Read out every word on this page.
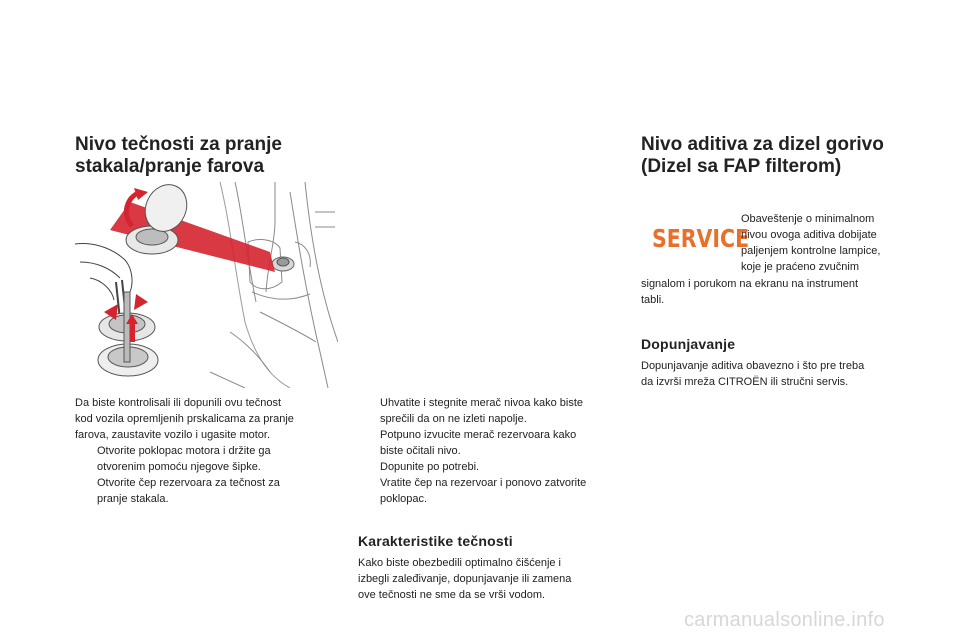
Nivo tečnosti za pranje
stakala/pranje farova
Da biste kontrolisali ili dopunili ovu tečnost
kod vozila opremljenih prskalicama za pranje
farova, zaustavite vozilo i ugasite motor.
Otvorite poklopac motora i držite ga
otvorenim pomoću njegove šipke.
Otvorite čep rezervoara za tečnost za
pranje stakala.
Uhvatite i stegnite merač nivoa kako biste
sprečili da on ne izleti napolje.
Potpuno izvucite merač rezervoara kako
biste očitali nivo.
Dopunite po potrebi.
Vratite čep na rezervoar i ponovo zatvorite
poklopac.
Karakteristike tečnosti
Kako biste obezbedili optimalno čišćenje i
izbegli zaleđivanje, dopunjavanje ili zamena
ove tečnosti ne sme da se vrši vodom.
Nivo aditiva za dizel gorivo
(Dizel sa FAP filterom)
SERVICE
Obaveštenje o minimalnom
nivou ovoga aditiva dobijate
paljenjem kontrolne lampice,
koje je praćeno zvučnim
signalom i porukom na ekranu na instrument
tabli.
Dopunjavanje
Dopunjavanje aditiva obavezno i što pre treba
da izvrši mreža CITROËN ili stručni servis.
carmanualsonline.info
